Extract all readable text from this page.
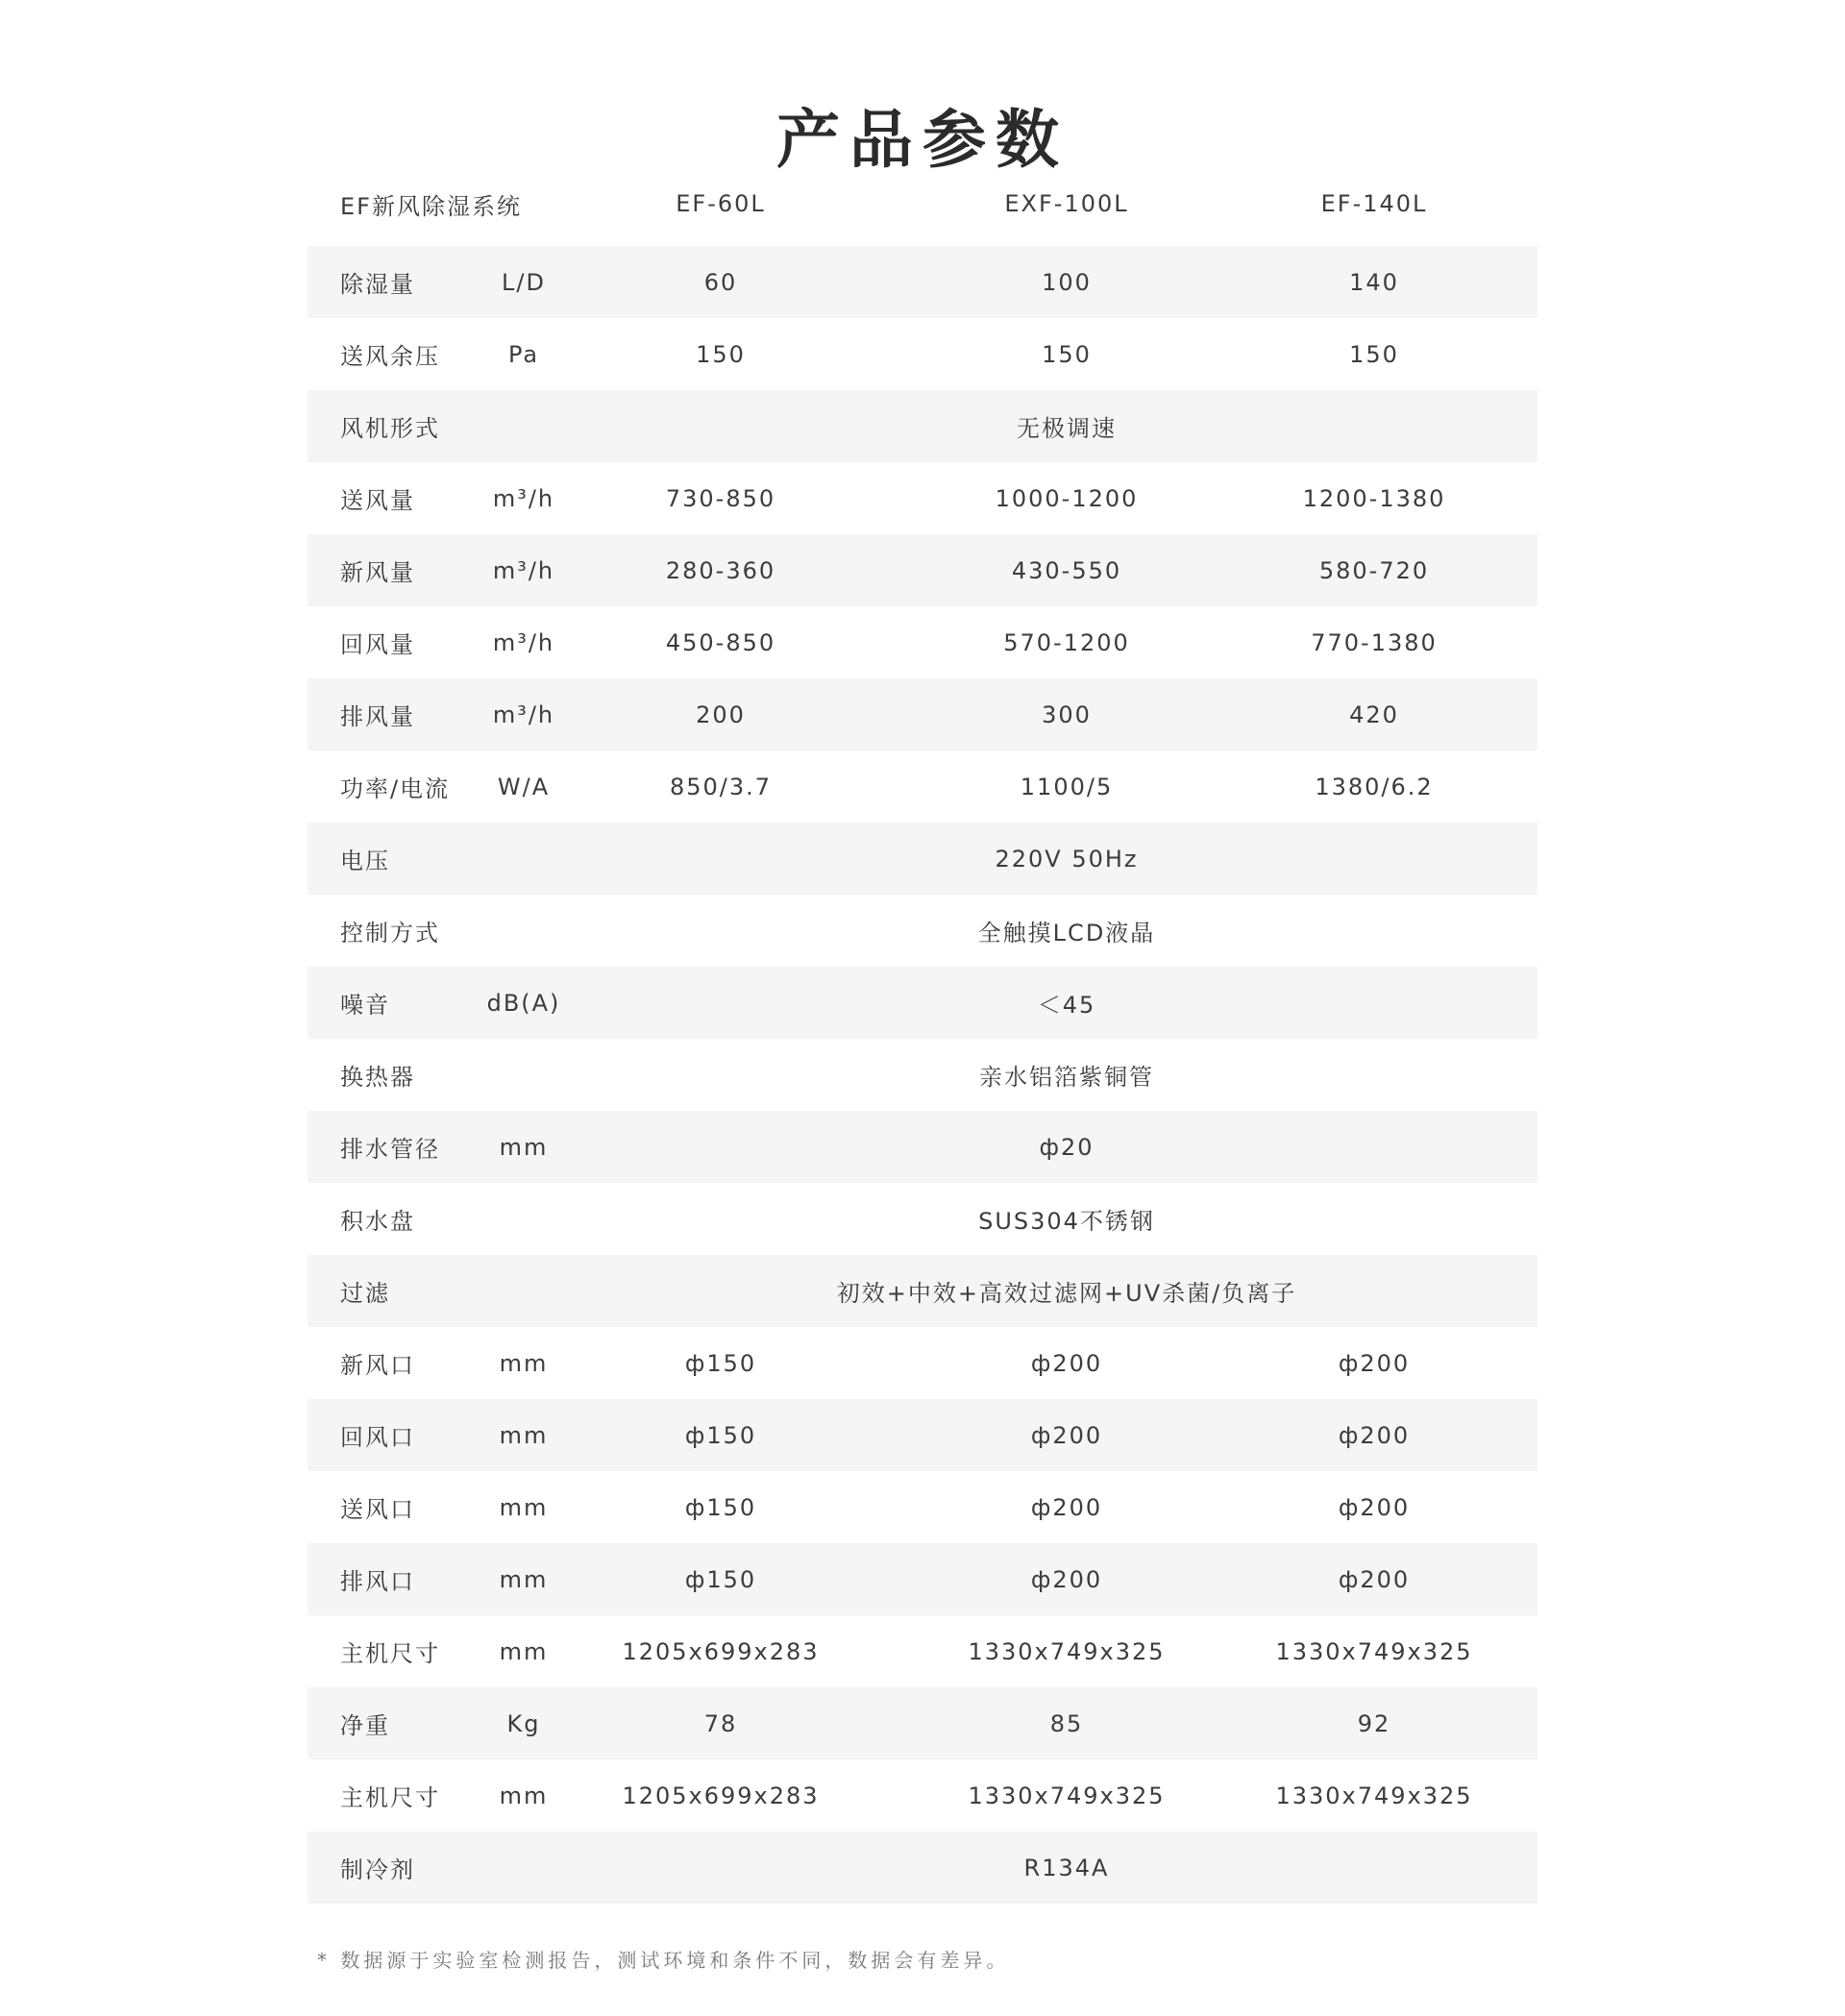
产品参数
EF新风除湿系统	EF-60L	EXF-100L	EF-140L
除湿量	L/D	60	100	140
送风余压	Pa	150	150	150
风机形式	无极调速
送风量	m³/h	730-850	1000-1200	1200-1380
新风量	m³/h	280-360	430-550	580-720
回风量	m³/h	450-850	570-1200	770-1380
排风量	m³/h	200	300	420
功率/电流	W/A	850/3.7	1100/5	1380/6.2
电压	220V 50Hz
控制方式	全触摸LCD液晶
噪音	dB(A)	＜45
换热器	亲水铝箔紫铜管
排水管径	mm	ф20
积水盘	SUS304不锈钢
过滤	初效+中效+高效过滤网+UV杀菌/负离子
新风口	mm	ф150	ф200	ф200
回风口	mm	ф150	ф200	ф200
送风口	mm	ф150	ф200	ф200
排风口	mm	ф150	ф200	ф200
主机尺寸	mm	1205x699x283	1330x749x325	1330x749x325
净重	Kg	78	85	92
主机尺寸	mm	1205x699x283	1330x749x325	1330x749x325
制冷剂	R134A
* 数据源于实验室检测报告，测试环境和条件不同，数据会有差异。
